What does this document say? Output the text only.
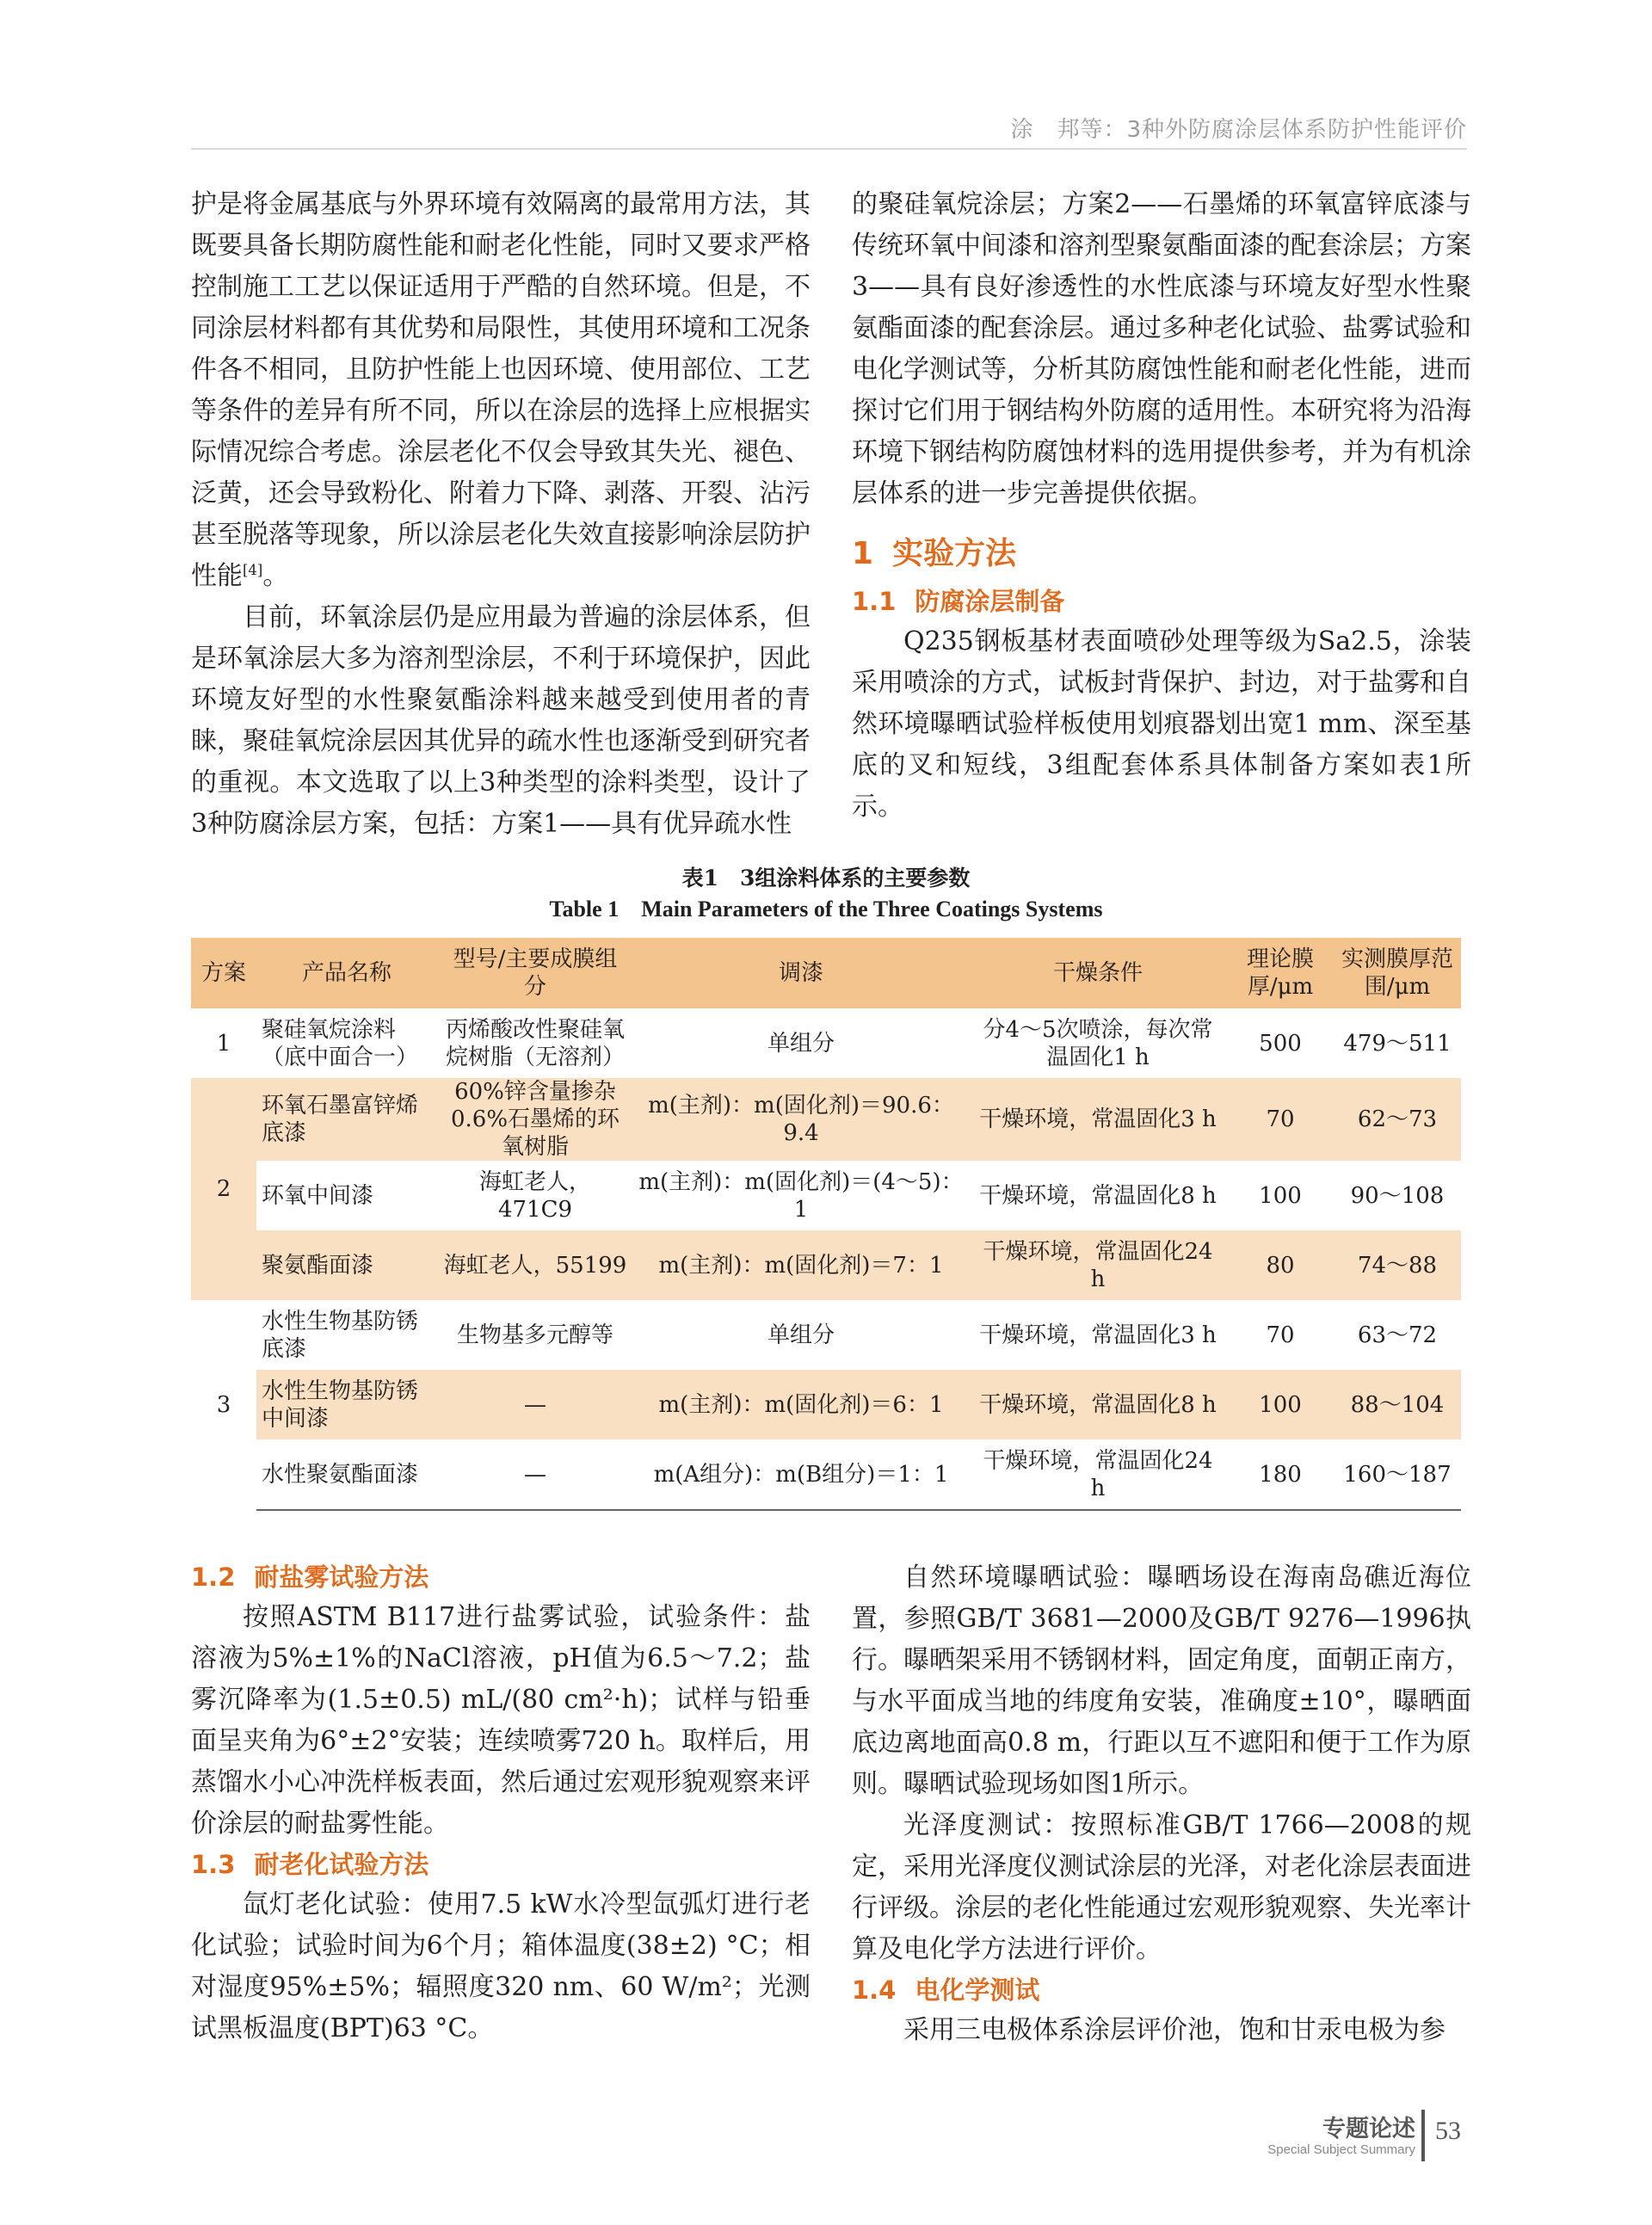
涂　邦等：3种外防腐涂层体系防护性能评价

护是将金属基底与外界环境有效隔离的最常用方法，其既要具备长期防腐性能和耐老化性能，同时又要求严格控制施工工艺以保证适用于严酷的自然环境。但是，不同涂层材料都有其优势和局限性，其使用环境和工况条件各不相同，且防护性能上也因环境、使用部位、工艺等条件的差异有所不同，所以在涂层的选择上应根据实际情况综合考虑。涂层老化不仅会导致其失光、褪色、泛黄，还会导致粉化、附着力下降、剥落、开裂、沾污甚至脱落等现象，所以涂层老化失效直接影响涂层防护性能[4]。

目前，环氧涂层仍是应用最为普遍的涂层体系，但是环氧涂层大多为溶剂型涂层，不利于环境保护，因此环境友好型的水性聚氨酯涂料越来越受到使用者的青睐，聚硅氧烷涂层因其优异的疏水性也逐渐受到研究者的重视。本文选取了以上3种类型的涂料类型，设计了3种防腐涂层方案，包括：方案1——具有优异疏水性

的聚硅氧烷涂层；方案2——石墨烯的环氧富锌底漆与传统环氧中间漆和溶剂型聚氨酯面漆的配套涂层；方案3——具有良好渗透性的水性底漆与环境友好型水性聚氨酯面漆的配套涂层。通过多种老化试验、盐雾试验和电化学测试等，分析其防腐蚀性能和耐老化性能，进而探讨它们用于钢结构外防腐的适用性。本研究将为沿海环境下钢结构防腐蚀材料的选用提供参考，并为有机涂层体系的进一步完善提供依据。

1 实验方法
1.1 防腐涂层制备

Q235钢板基材表面喷砂处理等级为Sa2.5，涂装采用喷涂的方式，试板封背保护、封边，对于盐雾和自然环境曝晒试验样板使用划痕器划出宽1 mm、深至基底的叉和短线，3组配套体系具体制备方案如表1所示。

表1　3组涂料体系的主要参数
Table 1　Main Parameters of the Three Coatings Systems
方案	产品名称	型号/主要成膜组分	调漆	干燥条件	理论膜厚/μm	实测膜厚范围/μm
1	聚硅氧烷涂料（底中面合一）	丙烯酸改性聚硅氧烷树脂（无溶剂）	单组分	分4～5次喷涂，每次常温固化1 h	500	479～511
2	环氧石墨富锌烯底漆	60%锌含量掺杂0.6%石墨烯的环氧树脂	m(主剂)：m(固化剂)＝90.6：9.4	干燥环境，常温固化3 h	70	62～73
	环氧中间漆	海虹老人，471C9	m(主剂)：m(固化剂)＝(4～5)：1	干燥环境，常温固化8 h	100	90～108
	聚氨酯面漆	海虹老人，55199	m(主剂)：m(固化剂)＝7：1	干燥环境，常温固化24 h	80	74～88
3	水性生物基防锈底漆	生物基多元醇等	单组分	干燥环境，常温固化3 h	70	63～72
	水性生物基防锈中间漆	—	m(主剂)：m(固化剂)＝6：1	干燥环境，常温固化8 h	100	88～104
	水性聚氨酯面漆	—	m(A组分)：m(B组分)＝1：1	干燥环境，常温固化24 h	180	160～187
1.2 耐盐雾试验方法

按照ASTM B117进行盐雾试验，试验条件：盐溶液为5%±1%的NaCl溶液，pH值为6.5～7.2；盐雾沉降率为(1.5±0.5) mL/(80 cm²·h)；试样与铅垂面呈夹角为6°±2°安装；连续喷雾720 h。取样后，用蒸馏水小心冲洗样板表面，然后通过宏观形貌观察来评价涂层的耐盐雾性能。

1.3 耐老化试验方法

氙灯老化试验：使用7.5 kW水冷型氙弧灯进行老化试验；试验时间为6个月；箱体温度(38±2) °C；相对湿度95%±5%；辐照度320 nm、60 W/m²；光测试黑板温度(BPT)63 °C。

自然环境曝晒试验：曝晒场设在海南岛礁近海位置，参照GB/T 3681—2000及GB/T 9276—1996执行。曝晒架采用不锈钢材料，固定角度，面朝正南方，与水平面成当地的纬度角安装，准确度±10°，曝晒面底边离地面高0.8 m，行距以互不遮阳和便于工作为原则。曝晒试验现场如图1所示。

光泽度测试：按照标准GB/T 1766—2008的规定，采用光泽度仪测试涂层的光泽，对老化涂层表面进行评级。涂层的老化性能通过宏观形貌观察、失光率计算及电化学方法进行评价。

1.4 电化学测试

采用三电极体系涂层评价池，饱和甘汞电极为参

专题论述
Special Subject Summary
53
